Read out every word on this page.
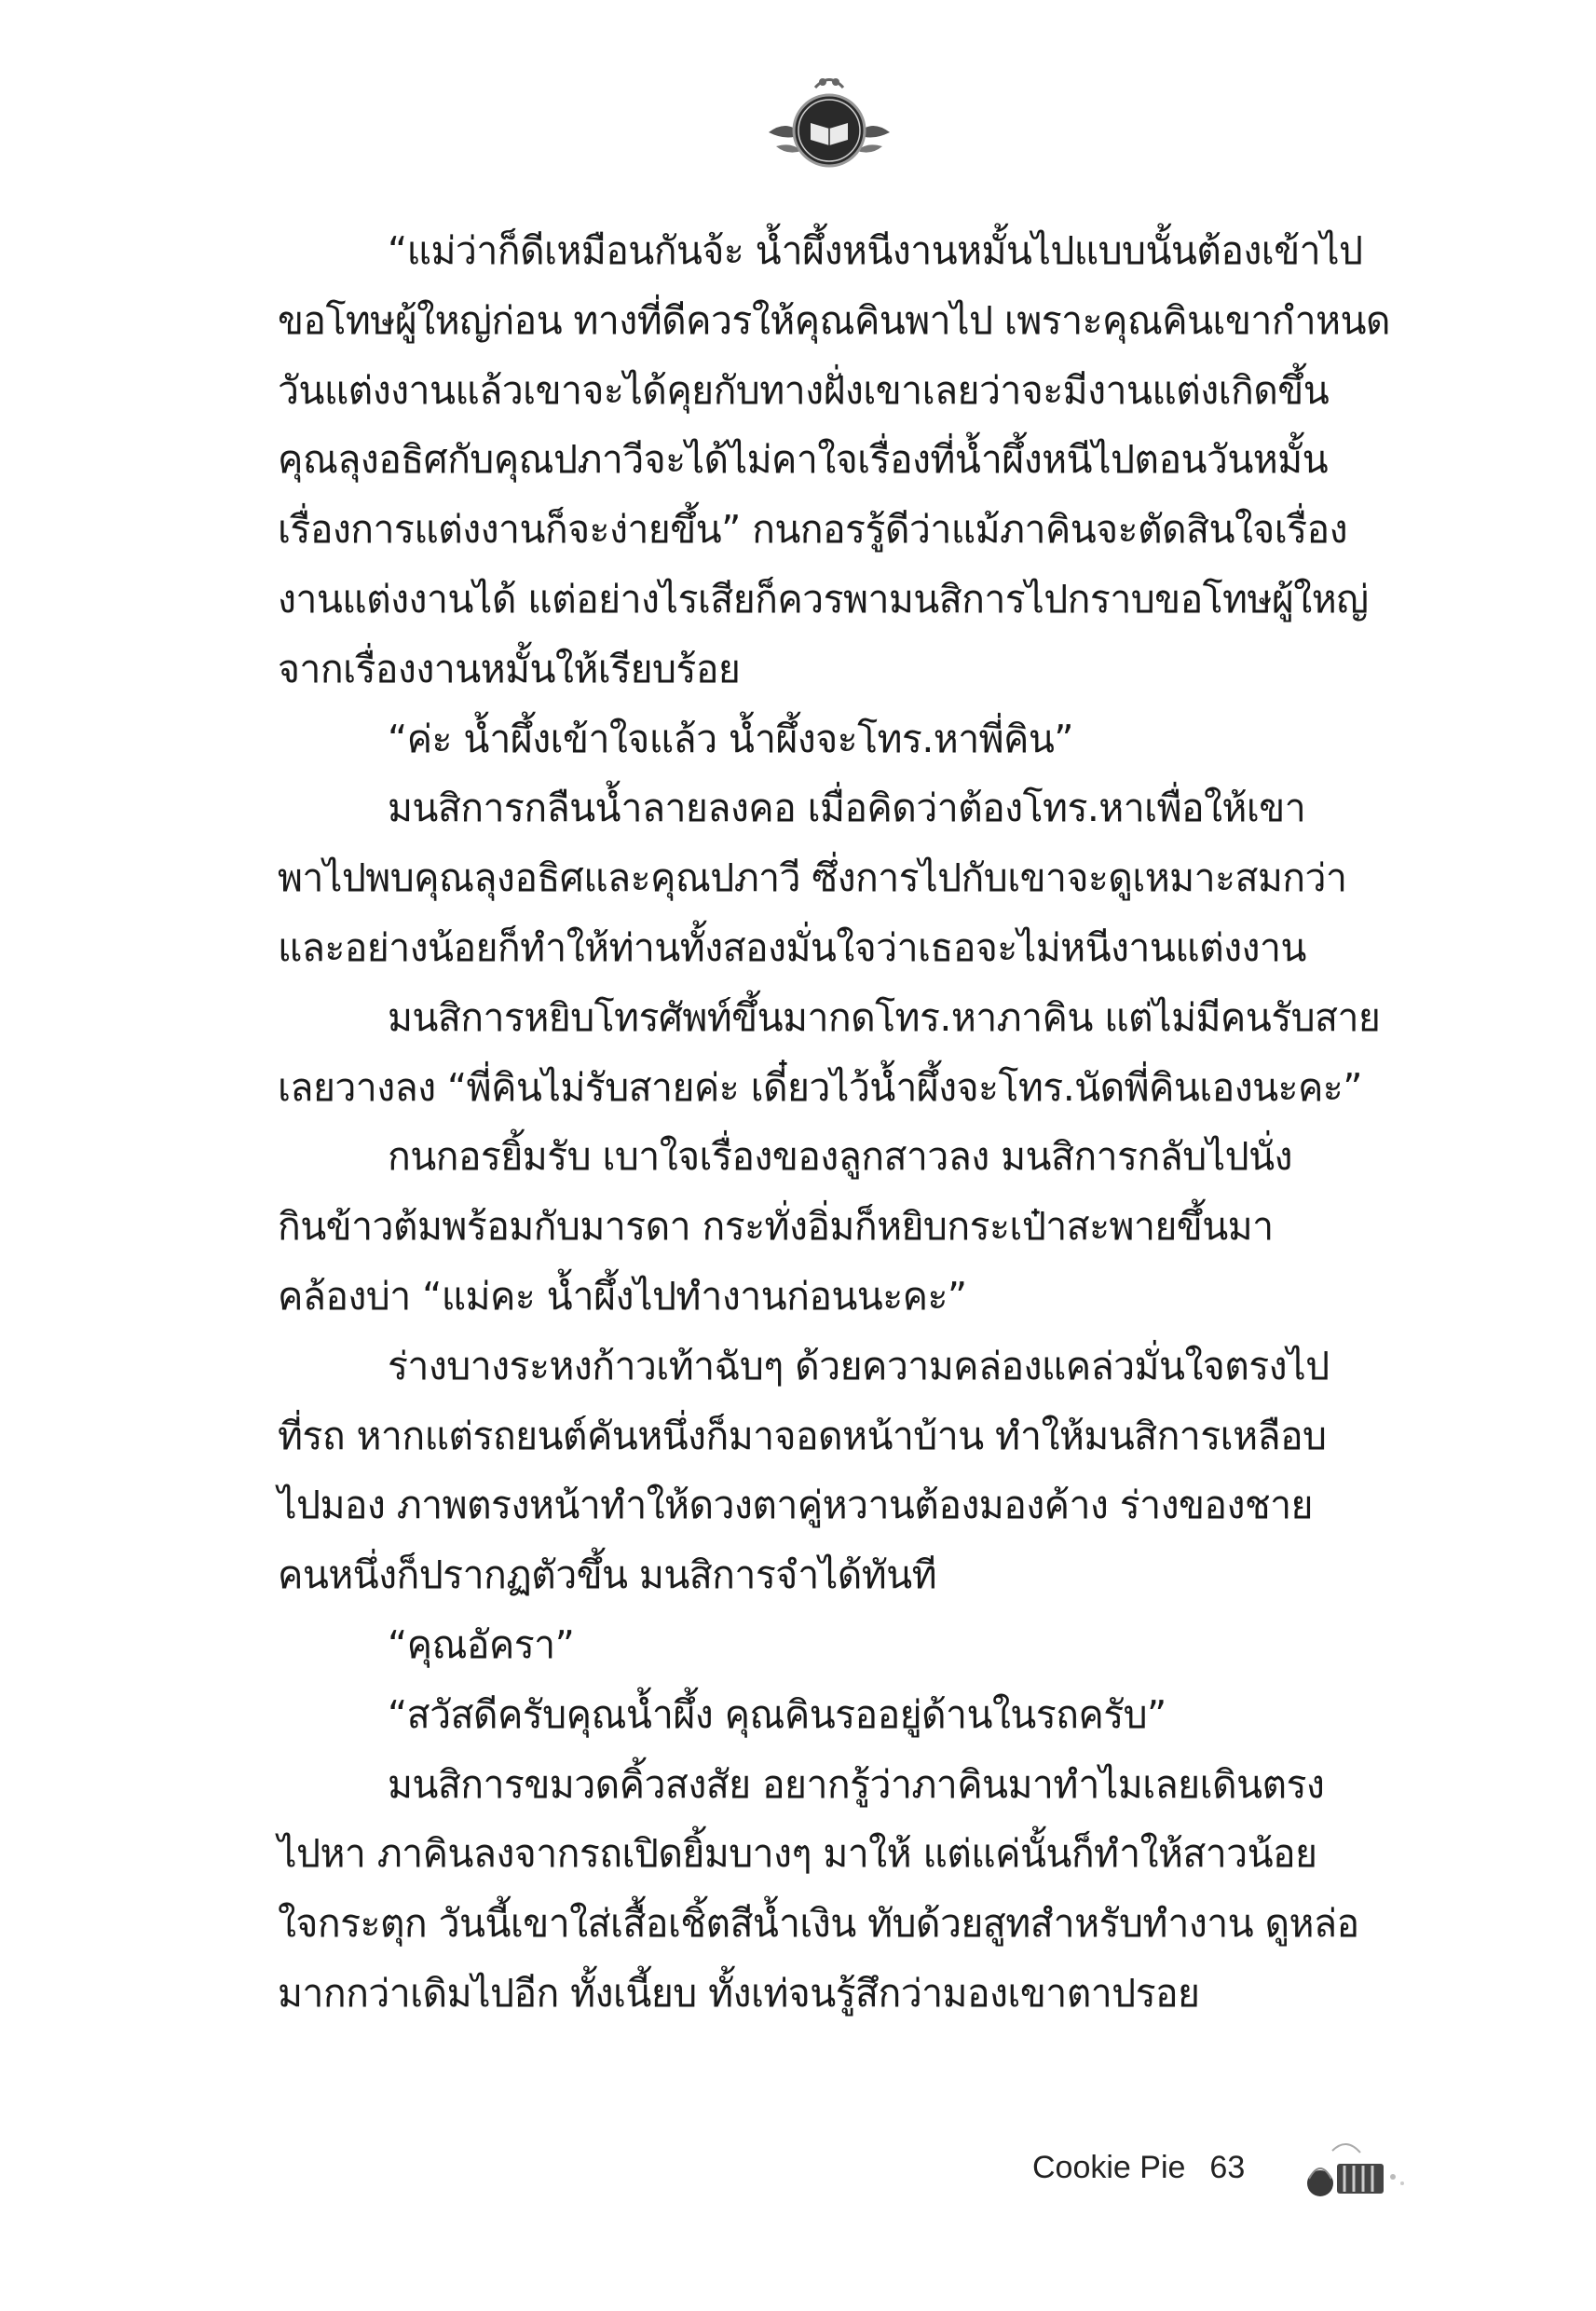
“แม่ว่าก็ดีเหมือนกันจ้ะ น้ำผึ้งหนีงานหมั้นไปแบบนั้นต้องเข้าไป
ขอโทษผู้ใหญ่ก่อน ทางที่ดีควรให้คุณคินพาไป เพราะคุณคินเขากำหนด
วันแต่งงานแล้วเขาจะได้คุยกับทางฝั่งเขาเลยว่าจะมีงานแต่งเกิดขึ้น
คุณลุงอธิศกับคุณปภาวีจะได้ไม่คาใจเรื่องที่น้ำผึ้งหนีไปตอนวันหมั้น
เรื่องการแต่งงานก็จะง่ายขึ้น” กนกอรรู้ดีว่าแม้ภาคินจะตัดสินใจเรื่อง
งานแต่งงานได้ แต่อย่างไรเสียก็ควรพามนสิการไปกราบขอโทษผู้ใหญ่
จากเรื่องงานหมั้นให้เรียบร้อย
“ค่ะ น้ำผึ้งเข้าใจแล้ว น้ำผึ้งจะโทร.หาพี่คิน”
มนสิการกลืนน้ำลายลงคอ เมื่อคิดว่าต้องโทร.หาเพื่อให้เขา
พาไปพบคุณลุงอธิศและคุณปภาวี ซึ่งการไปกับเขาจะดูเหมาะสมกว่า
และอย่างน้อยก็ทำให้ท่านทั้งสองมั่นใจว่าเธอจะไม่หนีงานแต่งงาน
มนสิการหยิบโทรศัพท์ขึ้นมากดโทร.หาภาคิน แต่ไม่มีคนรับสาย
เลยวางลง “พี่คินไม่รับสายค่ะ เดี๋ยวไว้น้ำผึ้งจะโทร.นัดพี่คินเองนะคะ”
กนกอรยิ้มรับ เบาใจเรื่องของลูกสาวลง มนสิการกลับไปนั่ง
กินข้าวต้มพร้อมกับมารดา กระทั่งอิ่มก็หยิบกระเป๋าสะพายขึ้นมา
คล้องบ่า “แม่คะ น้ำผึ้งไปทำงานก่อนนะคะ”
ร่างบางระหงก้าวเท้าฉับๆ ด้วยความคล่องแคล่วมั่นใจตรงไป
ที่รถ หากแต่รถยนต์คันหนึ่งก็มาจอดหน้าบ้าน ทำให้มนสิการเหลือบ
ไปมอง ภาพตรงหน้าทำให้ดวงตาคู่หวานต้องมองค้าง ร่างของชาย
คนหนึ่งก็ปรากฏตัวขึ้น มนสิการจำได้ทันที
“คุณอัครา”
“สวัสดีครับคุณน้ำผึ้ง คุณคินรออยู่ด้านในรถครับ”
มนสิการขมวดคิ้วสงสัย อยากรู้ว่าภาคินมาทำไมเลยเดินตรง
ไปหา ภาคินลงจากรถเปิดยิ้มบางๆ มาให้ แต่แค่นั้นก็ทำให้สาวน้อย
ใจกระตุก วันนี้เขาใส่เสื้อเชิ้ตสีน้ำเงิน ทับด้วยสูทสำหรับทำงาน ดูหล่อ
มากกว่าเดิมไปอีก ทั้งเนี้ยบ ทั้งเท่จนรู้สึกว่ามองเขาตาปรอย
Cookie Pie 63
